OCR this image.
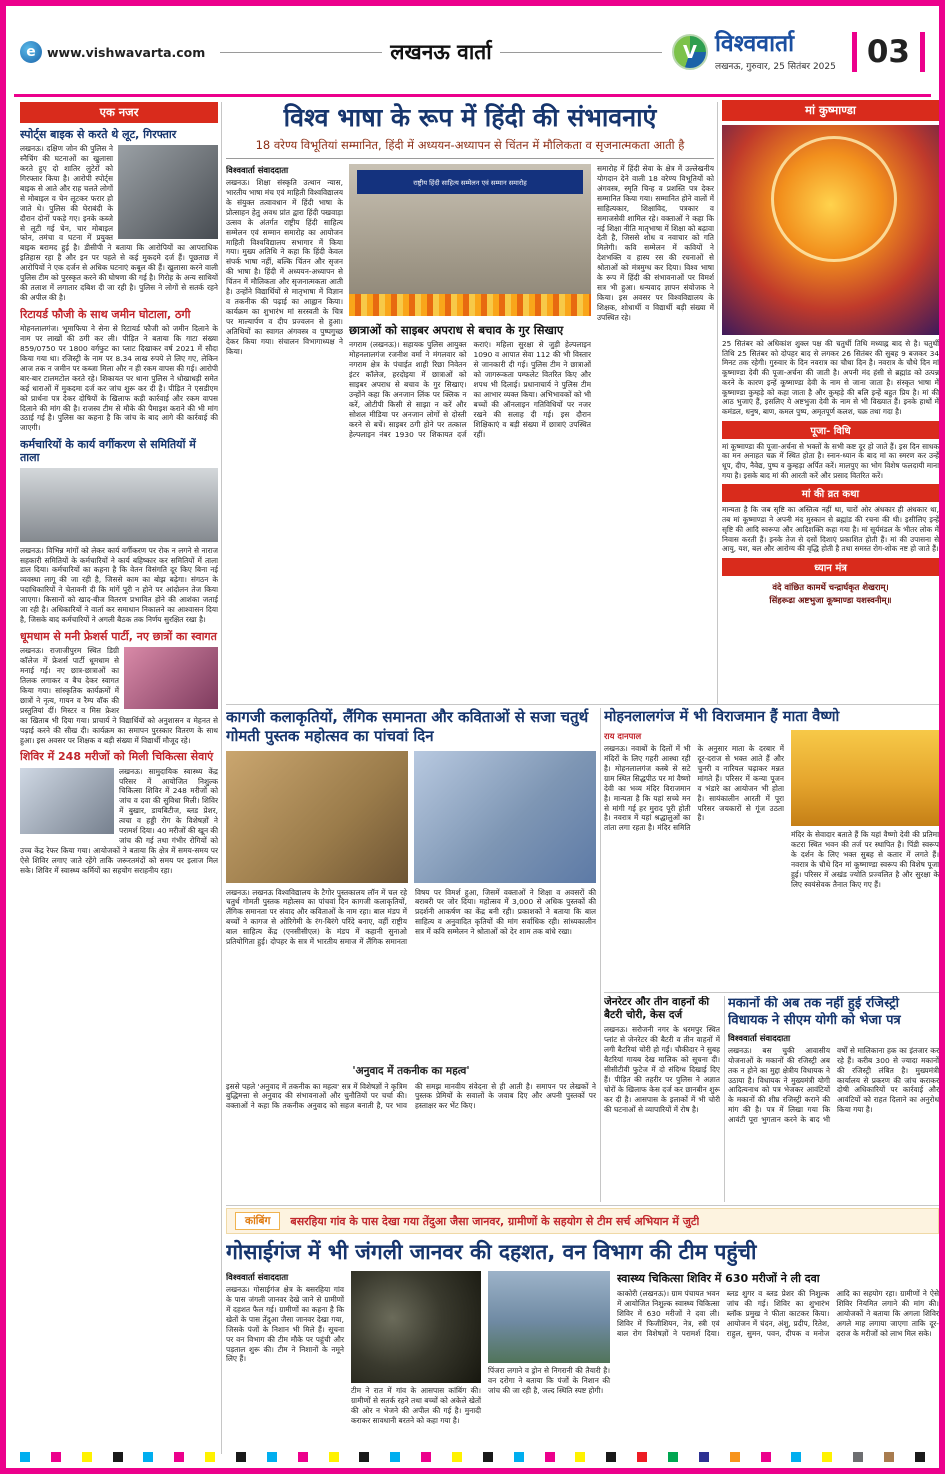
e www.vishwavarta.com	लखनऊ वार्ता	V विश्ववार्ता
लखनऊ, गुरुवार, 25 सितंबर 2025	03
एक नजर
स्पोर्ट्स बाइक से करते थे लूट, गिरफ्तार

लखनऊ। दक्षिण जोन की पुलिस ने स्नैचिंग की घटनाओं का खुलासा करते हुए दो शातिर लुटेरों को गिरफ्तार किया है। आरोपी स्पोर्ट्स बाइक से आते और राह चलते लोगों से मोबाइल व चेन लूटकर फरार हो जाते थे। पुलिस की घेराबंदी के दौरान दोनों पकड़े गए। इनके कब्जे से लूटी गई चेन, चार मोबाइल फोन, तमंचा व घटना में प्रयुक्त बाइक बरामद हुई है। डीसीपी ने बताया कि आरोपियों का आपराधिक इतिहास रहा है और इन पर पहले से कई मुकदमे दर्ज हैं। पूछताछ में आरोपियों ने एक दर्जन से अधिक घटनाएं कबूल की हैं। खुलासा करने वाली पुलिस टीम को पुरस्कृत करने की घोषणा की गई है। गिरोह के अन्य साथियों की तलाश में लगातार दबिश दी जा रही है। पुलिस ने लोगों से सतर्क रहने की अपील की है।

रिटायर्ड फौजी के साथ जमीन घोटाला, ठगी

मोहनलालगंज। भूमाफिया ने सेना से रिटायर्ड फौजी को जमीन दिलाने के नाम पर लाखों की ठगी कर ली। पीड़ित ने बताया कि गाटा संख्या 859/0750 पर 1800 वर्गफुट का प्लाट दिखाकर वर्ष 2021 में सौदा किया गया था। रजिस्ट्री के नाम पर 8.34 लाख रुपये ले लिए गए, लेकिन आज तक न जमीन पर कब्जा मिला और न ही रकम वापस की गई। आरोपी बार-बार टालमटोल करते रहे। शिकायत पर थाना पुलिस ने धोखाधड़ी समेत कई धाराओं में मुकदमा दर्ज कर जांच शुरू कर दी है। पीड़ित ने एसडीएम को प्रार्थना पत्र देकर दोषियों के खिलाफ कड़ी कार्रवाई और रकम वापस दिलाने की मांग की है। राजस्व टीम से मौके की पैमाइश कराने की भी मांग उठाई गई है। पुलिस का कहना है कि जांच के बाद आगे की कार्रवाई की जाएगी।

कर्मचारियों के कार्य वर्गीकरण से समितियों में ताला

लखनऊ। विभिन्न मांगों को लेकर कार्य वर्गीकरण पर रोक न लगने से नाराज सहकारी समितियों के कर्मचारियों ने कार्य बहिष्कार कर समितियों में ताला डाल दिया। कर्मचारियों का कहना है कि वेतन विसंगति दूर किए बिना नई व्यवस्था लागू की जा रही है, जिससे काम का बोझ बढ़ेगा। संगठन के पदाधिकारियों ने चेतावनी दी कि मांगें पूरी न होने पर आंदोलन तेज किया जाएगा। किसानों को खाद-बीज वितरण प्रभावित होने की आशंका जताई जा रही है। अधिकारियों ने वार्ता कर समाधान निकालने का आश्वासन दिया है, जिसके बाद कर्मचारियों ने अगली बैठक तक निर्णय सुरक्षित रखा है।

धूमधाम से मनी फ्रेशर्स पार्टी, नए छात्रों का स्वागत

लखनऊ। राजाजीपुरम स्थित डिग्री कॉलेज में फ्रेशर्स पार्टी धूमधाम से मनाई गई। नए छात्र-छात्राओं का तिलक लगाकर व बैच देकर स्वागत किया गया। सांस्कृतिक कार्यक्रमों में छात्रों ने नृत्य, गायन व रैम्प वॉक की प्रस्तुतियां दीं। मिस्टर व मिस फ्रेशर का खिताब भी दिया गया। प्राचार्य ने विद्यार्थियों को अनुशासन व मेहनत से पढ़ाई करने की सीख दी। कार्यक्रम का समापन पुरस्कार वितरण के साथ हुआ। इस अवसर पर शिक्षक व बड़ी संख्या में विद्यार्थी मौजूद रहे।

शिविर में 248 मरीजों को मिली चिकित्सा सेवाएं

लखनऊ। सामुदायिक स्वास्थ्य केंद्र परिसर में आयोजित निशुल्क चिकित्सा शिविर में 248 मरीजों को जांच व दवा की सुविधा मिली। शिविर में बुखार, डायबिटीज, ब्लड प्रेशर, त्वचा व हड्डी रोग के विशेषज्ञों ने परामर्श दिया। 40 मरीजों की खून की जांच की गई तथा गंभीर रोगियों को उच्च केंद्र रेफर किया गया। आयोजकों ने बताया कि क्षेत्र में समय-समय पर ऐसे शिविर लगाए जाते रहेंगे ताकि जरूरतमंदों को समय पर इलाज मिल सके। शिविर में स्वास्थ्य कर्मियों का सहयोग सराहनीय रहा।

विश्व भाषा के रूप में हिंदी की संभावनाएं
18 वरेण्य विभूतियां सम्मानित, हिंदी में अध्ययन-अध्यापन से चिंतन में मौलिकता व सृजनात्मकता आती है
विश्ववार्ता संवाददाता

लखनऊ। शिक्षा संस्कृति उत्थान न्यास, भारतीय भाषा मंच एवं माहिती विश्वविद्यालय के संयुक्त तत्वावधान में हिंदी भाषा के प्रोत्साहन हेतु अवध प्रांत द्वारा हिंदी पखवाड़ा उत्सव के अंतर्गत राष्ट्रीय हिंदी साहित्य सम्मेलन एवं सम्मान समारोह का आयोजन माहिती विश्वविद्यालय सभागार में किया गया। मुख्य अतिथि ने कहा कि हिंदी केवल संपर्क भाषा नहीं, बल्कि चिंतन और सृजन की भाषा है। हिंदी में अध्ययन-अध्यापन से चिंतन में मौलिकता और सृजनात्मकता आती है। उन्होंने विद्यार्थियों से मातृभाषा में विज्ञान व तकनीक की पढ़ाई का आह्वान किया। कार्यक्रम का शुभारंभ मां सरस्वती के चित्र पर माल्यार्पण व दीप प्रज्वलन से हुआ। अतिथियों का स्वागत अंगवस्त्र व पुष्पगुच्छ देकर किया गया। संचालन विभागाध्यक्ष ने किया।

राष्ट्रीय हिंदी साहित्य सम्मेलन एवं सम्मान समारोह
छात्राओं को साइबर अपराध से बचाव के गुर सिखाए

नगराम (लखनऊ)। सहायक पुलिस आयुक्त मोहनलालगंज रजनीश वर्मा ने मंगलवार को नगराम क्षेत्र के पंचाईत शाही रिछा निवेतन इंटर कॉलेज, हरदोइया में छात्राओं को साइबर अपराध से बचाव के गुर सिखाए। उन्होंने कहा कि अनजान लिंक पर क्लिक न करें, ओटीपी किसी से साझा न करें और सोशल मीडिया पर अनजान लोगों से दोस्ती करने से बचें। साइबर ठगी होने पर तत्काल हेल्पलाइन नंबर 1930 पर शिकायत दर्ज कराएं। महिला सुरक्षा से जुड़ी हेल्पलाइन 1090 व आपात सेवा 112 की भी विस्तार से जानकारी दी गई। पुलिस टीम ने छात्राओं को जागरूकता पम्फलेट वितरित किए और शपथ भी दिलाई। प्रधानाचार्य ने पुलिस टीम का आभार व्यक्त किया। अभिभावकों को भी बच्चों की ऑनलाइन गतिविधियों पर नजर रखने की सलाह दी गई। इस दौरान शिक्षिकाएं व बड़ी संख्या में छात्राएं उपस्थित रहीं।

समारोह में हिंदी सेवा के क्षेत्र में उल्लेखनीय योगदान देने वाली 18 वरेण्य विभूतियों को अंगवस्त्र, स्मृति चिन्ह व प्रशस्ति पत्र देकर सम्मानित किया गया। सम्मानित होने वालों में साहित्यकार, शिक्षाविद, पत्रकार व समाजसेवी शामिल रहे। वक्ताओं ने कहा कि नई शिक्षा नीति मातृभाषा में शिक्षा को बढ़ावा देती है, जिससे शोध व नवाचार को गति मिलेगी। कवि सम्मेलन में कवियों ने देशभक्ति व हास्य रस की रचनाओं से श्रोताओं को मंत्रमुग्ध कर दिया। विश्व भाषा के रूप में हिंदी की संभावनाओं पर विमर्श सत्र भी हुआ। धन्यवाद ज्ञापन संयोजक ने किया। इस अवसर पर विश्वविद्यालय के शिक्षक, शोधार्थी व विद्यार्थी बड़ी संख्या में उपस्थित रहे।

मां कुष्माण्डा

25 सितंबर को अधिकांश शुक्ल पक्ष की चतुर्थी तिथि मध्याह्न बाद से है। चतुर्थी तिथि 25 सितंबर को दोपहर बाद से लगकर 26 सितंबर की सुबह 9 बजकर 34 मिनट तक रहेगी। गुरुवार के दिन नवरात्र का चौथा दिन है। नवरात्र के चौथे दिन मां कूष्माण्डा देवी की पूजा-अर्चना की जाती है। अपनी मंद हंसी से ब्रह्मांड को उत्पन्न करने के कारण इन्हें कूष्माण्डा देवी के नाम से जाना जाता है। संस्कृत भाषा में कूष्माण्डा कुम्हड़े को कहा जाता है और कुम्हड़े की बलि इन्हें बहुत प्रिय है। मां की आठ भुजाएं हैं, इसलिए ये अष्टभुजा देवी के नाम से भी विख्यात हैं। इनके हाथों में कमंडल, धनुष, बाण, कमल पुष्प, अमृतपूर्ण कलश, चक्र तथा गदा है।

पूजा- विधि

मां कूष्माण्डा की पूजा-अर्चना से भक्तों के सभी कष्ट दूर हो जाते हैं। इस दिन साधक का मन अनाहत चक्र में स्थित होता है। स्नान-ध्यान के बाद मां का स्मरण कर उन्हें धूप, दीप, नैवेद्य, पुष्प व कुम्हड़ा अर्पित करें। मालपुए का भोग विशेष फलदायी माना गया है। इसके बाद मां की आरती करें और प्रसाद वितरित करें।

मां की व्रत कथा

मान्यता है कि जब सृष्टि का अस्तित्व नहीं था, चारों ओर अंधकार ही अंधकार था, तब मां कूष्माण्डा ने अपनी मंद मुस्कान से ब्रह्मांड की रचना की थी। इसीलिए इन्हें सृष्टि की आदि स्वरूपा और आदिशक्ति कहा गया है। मां सूर्यमंडल के भीतर लोक में निवास करती हैं। इनके तेज से दसों दिशाएं प्रकाशित होती हैं। मां की उपासना से आयु, यश, बल और आरोग्य की वृद्धि होती है तथा समस्त रोग-शोक नष्ट हो जाते हैं।

ध्यान मंत्र
वंदे वांछित कामर्थे चन्द्रार्घकृत शेखराम्।
सिंहरूढा अष्टभुजा कूष्माण्डा यशस्वनीम्॥
कागजी कलाकृतियों, लैंगिक समानता और कविताओं से सजा चतुर्थ गोमती पुस्तक महोत्सव का पांचवां दिन

लखनऊ। लखनऊ विश्वविद्यालय के टैगोर पुस्तकालय लॉन में चल रहे चतुर्थ गोमती पुस्तक महोत्सव का पांचवां दिन कागजी कलाकृतियों, लैंगिक समानता पर संवाद और कविताओं के नाम रहा। बाल मंडप में बच्चों ने कागज से ओरिगेमी के रंग-बिरंगे परिंदे बनाए, वहीं राष्ट्रीय बाल साहित्य केंद्र (एनसीसीएल) के मंडप में कहानी सुनाओ प्रतियोगिता हुई। दोपहर के सत्र में भारतीय समाज में लैंगिक समानता विषय पर विमर्श हुआ, जिसमें वक्ताओं ने शिक्षा व अवसरों की बराबरी पर जोर दिया। महोत्सव में 3,000 से अधिक पुस्तकों की प्रदर्शनी आकर्षण का केंद्र बनी रही। प्रकाशकों ने बताया कि बाल साहित्य व अनुवादित कृतियों की मांग सर्वाधिक रही। सांध्यकालीन सत्र में कवि सम्मेलन ने श्रोताओं को देर शाम तक बांधे रखा।

'अनुवाद में तकनीक का महत्व'

इससे पहले 'अनुवाद में तकनीक का महत्व' सत्र में विशेषज्ञों ने कृत्रिम बुद्धिमत्ता से अनुवाद की संभावनाओं और चुनौतियों पर चर्चा की। वक्ताओं ने कहा कि तकनीक अनुवाद को सहज बनाती है, पर भाव की समझ मानवीय संवेदना से ही आती है। समापन पर लेखकों ने पुस्तक प्रेमियों के सवालों के जवाब दिए और अपनी पुस्तकों पर हस्ताक्षर कर भेंट किए।

मोहनलालगंज में भी विराजमान हैं माता वैष्णो
राय दानपाल

लखनऊ। नवाबों के दिलों में भी मंदिरों के लिए गहरी आस्था रही है। मोहनलालगंज कस्बे से सटे ग्राम स्थित सिद्धपीठ पर मां वैष्णो देवी का भव्य मंदिर विराजमान है। मान्यता है कि यहां सच्चे मन से मांगी गई हर मुराद पूरी होती है। नवरात्र में यहां श्रद्धालुओं का तांता लगा रहता है। मंदिर समिति के अनुसार माता के दरबार में दूर-दराज से भक्त आते हैं और चुनरी व नारियल चढ़ाकर मन्नत मांगते हैं। परिसर में कन्या पूजन व भंडारे का आयोजन भी होता है। सायंकालीन आरती में पूरा परिसर जयकारों से गूंज उठता है।

मंदिर के सेवादार बताते हैं कि यहां वैष्णो देवी की प्रतिमा कटरा स्थित भवन की तर्ज पर स्थापित है। पिंडी स्वरूप के दर्शन के लिए भक्त सुबह से कतार में लगते हैं। नवरात्र के चौथे दिन मां कूष्माण्डा स्वरूप की विशेष पूजा हुई। परिसर में अखंड ज्योति प्रज्वलित है और सुरक्षा के लिए स्वयंसेवक तैनात किए गए हैं।

जेनरेटर और तीन वाहनों की बैटरी चोरी, केस दर्ज

लखनऊ। सरोजनी नगर के धरमपुर स्थित प्लांट से जेनरेटर की बैटरी व तीन वाहनों में लगी बैटरियां चोरी हो गईं। चौकीदार ने सुबह बैटरियां गायब देख मालिक को सूचना दी। सीसीटीवी फुटेज में दो संदिग्ध दिखाई दिए हैं। पीड़ित की तहरीर पर पुलिस ने अज्ञात चोरों के खिलाफ केस दर्ज कर छानबीन शुरू कर दी है। आसपास के इलाकों में भी चोरी की घटनाओं से व्यापारियों में रोष है।

मकानों की अब तक नहीं हुई रजिस्ट्री विधायक ने सीएम योगी को भेजा पत्र
विश्ववार्ता संवाददाता

लखनऊ। बस चुकी आवासीय योजनाओं के मकानों की रजिस्ट्री अब तक न होने का मुद्दा क्षेत्रीय विधायक ने उठाया है। विधायक ने मुख्यमंत्री योगी आदित्यनाथ को पत्र भेजकर आवंटियों के मकानों की शीघ्र रजिस्ट्री कराने की मांग की है। पत्र में लिखा गया कि आवंटी पूरा भुगतान करने के बाद भी वर्षों से मालिकाना हक का इंतजार कर रहे हैं। करीब 300 से ज्यादा मकानों की रजिस्ट्री लंबित है। मुख्यमंत्री कार्यालय से प्रकरण की जांच कराकर दोषी अधिकारियों पर कार्रवाई और आवंटियों को राहत दिलाने का अनुरोध किया गया है।

कांबिंग	बसरहिया गांव के पास देखा गया तेंदुआ जैसा जानवर, ग्रामीणों के सहयोग से टीम सर्च अभियान में जुटी
गोसाईगंज में भी जंगली जानवर की दहशत, वन विभाग की टीम पहुंची
विश्ववार्ता संवाददाता

लखनऊ। गोसाईगंज क्षेत्र के बसरहिया गांव के पास जंगली जानवर देखे जाने से ग्रामीणों में दहशत फैल गई। ग्रामीणों का कहना है कि खेतों के पास तेंदुआ जैसा जानवर देखा गया, जिसके पंजों के निशान भी मिले हैं। सूचना पर वन विभाग की टीम मौके पर पहुंची और पड़ताल शुरू की। टीम ने निशानों के नमूने लिए हैं।

टीम ने रात में गांव के आसपास कांबिंग की। ग्रामीणों से सतर्क रहने तथा बच्चों को अकेले खेतों की ओर न भेजने की अपील की गई है। मुनादी कराकर सावधानी बरतने को कहा गया है।

पिंजरा लगाने व ड्रोन से निगरानी की तैयारी है। वन दरोगा ने बताया कि पंजों के निशान की जांच की जा रही है, जल्द स्थिति स्पष्ट होगी।

स्वास्थ्य चिकित्सा शिविर में 630 मरीजों ने ली दवा

काकोरी (लखनऊ)। ग्राम पंचायत भवन में आयोजित निशुल्क स्वास्थ्य चिकित्सा शिविर में 630 मरीजों ने दवा ली। शिविर में फिजीशियन, नेत्र, स्त्री एवं बाल रोग विशेषज्ञों ने परामर्श दिया। ब्लड शुगर व ब्लड प्रेशर की निशुल्क जांच की गई। शिविर का शुभारंभ ब्लॉक प्रमुख ने फीता काटकर किया। आयोजन में चंदन, अंशु, प्रदीप, रितेश, राहुल, सुमन, पवन, दीपक व मनोज आदि का सहयोग रहा। ग्रामीणों ने ऐसे शिविर नियमित लगाने की मांग की। आयोजकों ने बताया कि अगला शिविर अगले माह लगाया जाएगा ताकि दूर-दराज के मरीजों को लाभ मिल सके।
